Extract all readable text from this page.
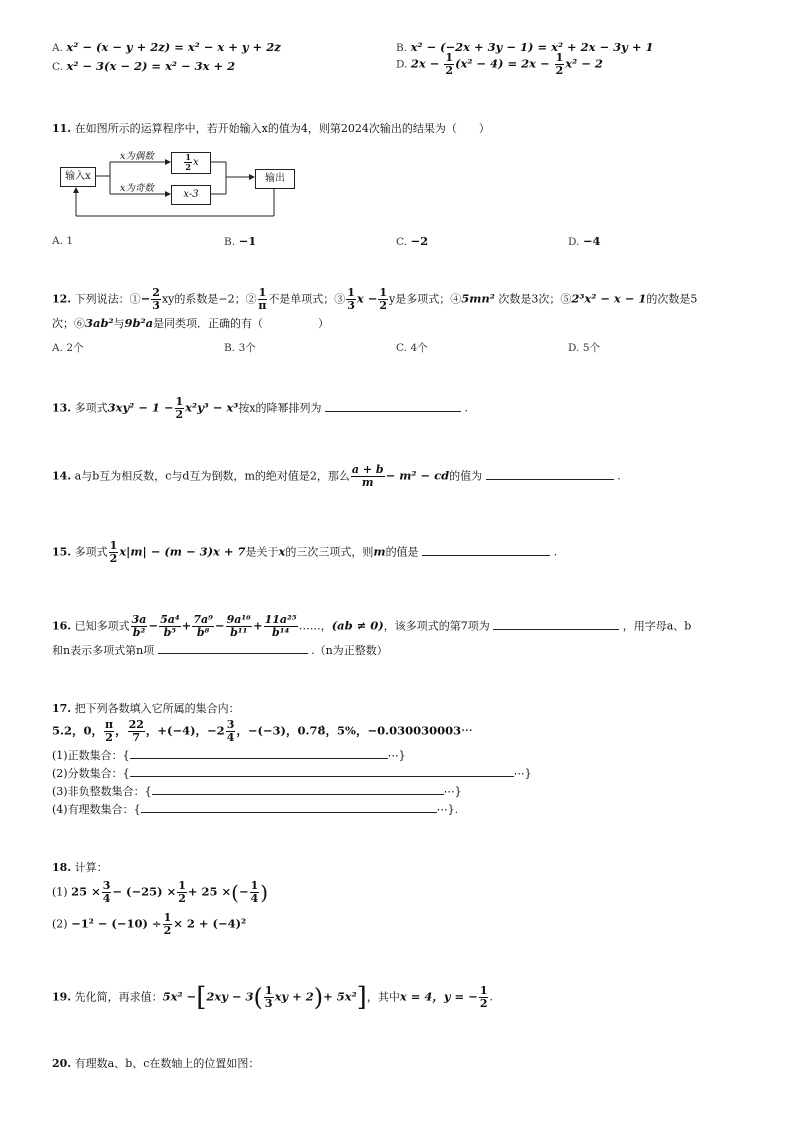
A. x² − (x − y + 2z) = x² − x + y + 2z	B. x² − (−2x + 3y − 1) = x² + 2x − 3y + 1
C. x² − 3(x − 2) = x² − 3x + 2	D. $2x - \frac{1}{2} (x^2 - 4) = 2x - \frac{1}{2} x^2 - 2$
11. 在如图所示的运算程序中，若开始输入x的值为4，则第2024次输出的结果为（　　）
输入x
x为偶数
x为奇数
$\frac{1}{2}$ x
x-3
输出
A. 1	B. −1	C. −2	D. −4
12. 下列说法：①− $\frac{2}{3}$ xy的系数是−2；② $\frac{1}{\pi}$ 不是单项式；③ $\frac{1}{3}$ $x - \frac{1}{2}$ y是多项式；④5mn² 次数是3次；⑤2³x² − x − 1的次数是5
次；⑥3ab²与9b²a是同类项．正确的有（　　　　　）
A. 2个	B. 3个	C. 4个	D. 5个
13. 多项式$3xy^2 - 1 - \frac{1}{2} x^2y^3 - x^3$按x的降幂排列为	.
14. a与b互为相反数，c与d互为倒数，m的绝对值是2，那么 $\frac{a + b}{m} - m^2$ − cd的值为	.
15. 多项式 $\frac{1}{2} x|m| - (m - 3)x + 7$是关于x的三次三项式，则m的值是	.
16. 已知多项式 $\frac{3a}{\text{b²}} - \frac{\text{5a⁴}}{\text{b⁵}} + \frac{\text{7a⁹}}{\text{b⁸}} - \frac{\text{9a¹⁶}}{\text{b¹¹}} + \frac{\text{11a²⁵}}{\text{b¹⁴}}$ ……，(ab ≠ 0)，该多项式的第7项为	，用字母a、b
和n表示多项式第n项	.（n为正整数）
17. 把下列各数填入它所属的集合内：
5.2，0， $\frac{\pi}{2}$ ， $\frac{22}{7}$ ，+(−4)，$-2 \frac{3}{4}$ ，−(−3)，0.78̇，5%，−0.030030003⋯
(1)正数集合：{	⋯}
(2)分数集合：{	⋯}
(3)非负整数集合：{	⋯}
(4)有理数集合：{	⋯}.
18. 计算：
(1) $25 \times \frac{3}{4} - (-25) \times \frac{1}{2} + 25$ ×(− $\frac{1}{4}$ )
$(2) -1^2 - (-10) \div \frac{1}{2} \times 2 + (-4)^2$
19. 先化简，再求值：$5x^2 -[2xy - 3( \frac{1}{3}$ xy + 2)+ 5x²]，其中x = 4，y = − $\frac{1}{2}$ .
20. 有理数a、b、c在数轴上的位置如图：
